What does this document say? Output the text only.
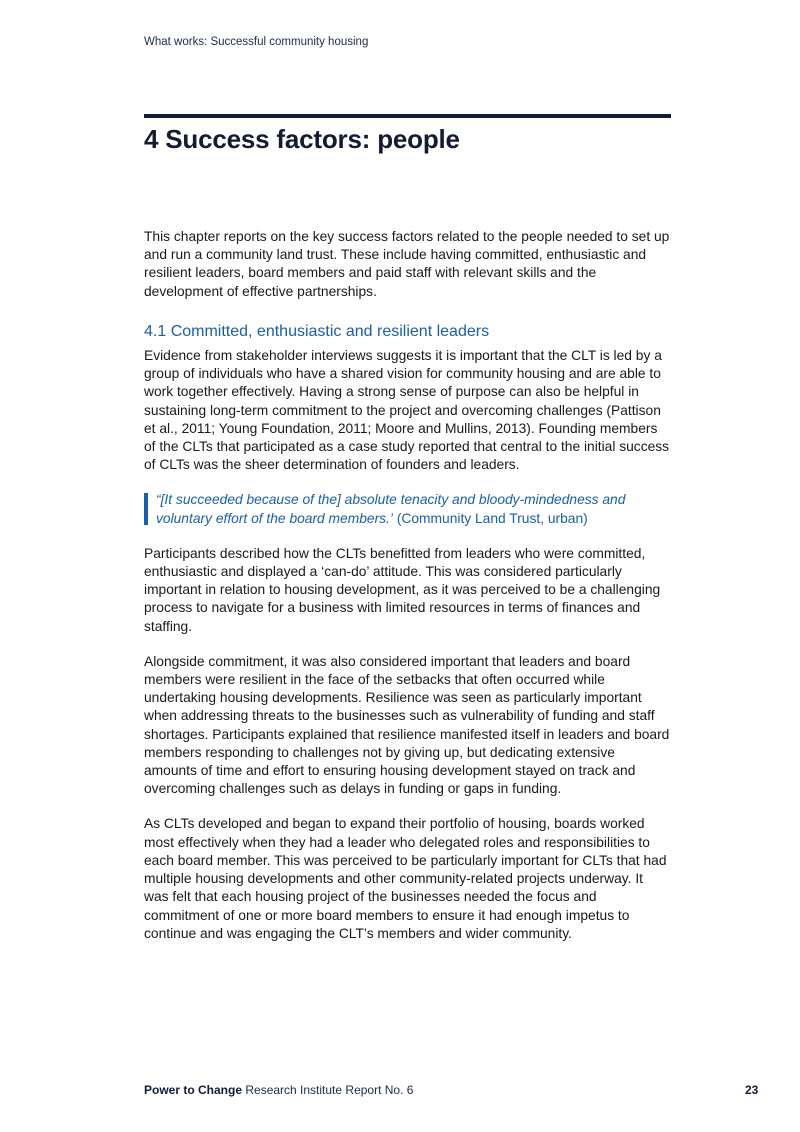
What works: Successful community housing
4 Success factors: people

This chapter reports on the key success factors related to the people needed to set up and run a community land trust. These include having committed, enthusiastic and resilient leaders, board members and paid staff with relevant skills and the development of effective partnerships.

4.1 Committed, enthusiastic and resilient leaders

Evidence from stakeholder interviews suggests it is important that the CLT is led by a group of individuals who have a shared vision for community housing and are able to work together effectively. Having a strong sense of purpose can also be helpful in sustaining long-term commitment to the project and overcoming challenges (Pattison et al., 2011; Young Foundation, 2011; Moore and Mullins, 2013). Founding members of the CLTs that participated as a case study reported that central to the initial success of CLTs was the sheer determination of founders and leaders.

“[It succeeded because of the] absolute tenacity and bloody-mindedness and voluntary effort of the board members.’ (Community Land Trust, urban)

Participants described how the CLTs benefitted from leaders who were committed, enthusiastic and displayed a ‘can-do’ attitude. This was considered particularly important in relation to housing development, as it was perceived to be a challenging process to navigate for a business with limited resources in terms of finances and staffing.

Alongside commitment, it was also considered important that leaders and board members were resilient in the face of the setbacks that often occurred while undertaking housing developments. Resilience was seen as particularly important when addressing threats to the businesses such as vulnerability of funding and staff shortages. Participants explained that resilience manifested itself in leaders and board members responding to challenges not by giving up, but dedicating extensive amounts of time and effort to ensuring housing development stayed on track and overcoming challenges such as delays in funding or gaps in funding.

As CLTs developed and began to expand their portfolio of housing, boards worked most effectively when they had a leader who delegated roles and responsibilities to each board member. This was perceived to be particularly important for CLTs that had multiple housing developments and other community-related projects underway. It was felt that each housing project of the businesses needed the focus and commitment of one or more board members to ensure it had enough impetus to continue and was engaging the CLT’s members and wider community.

Power to Change Research Institute Report No. 6	23
